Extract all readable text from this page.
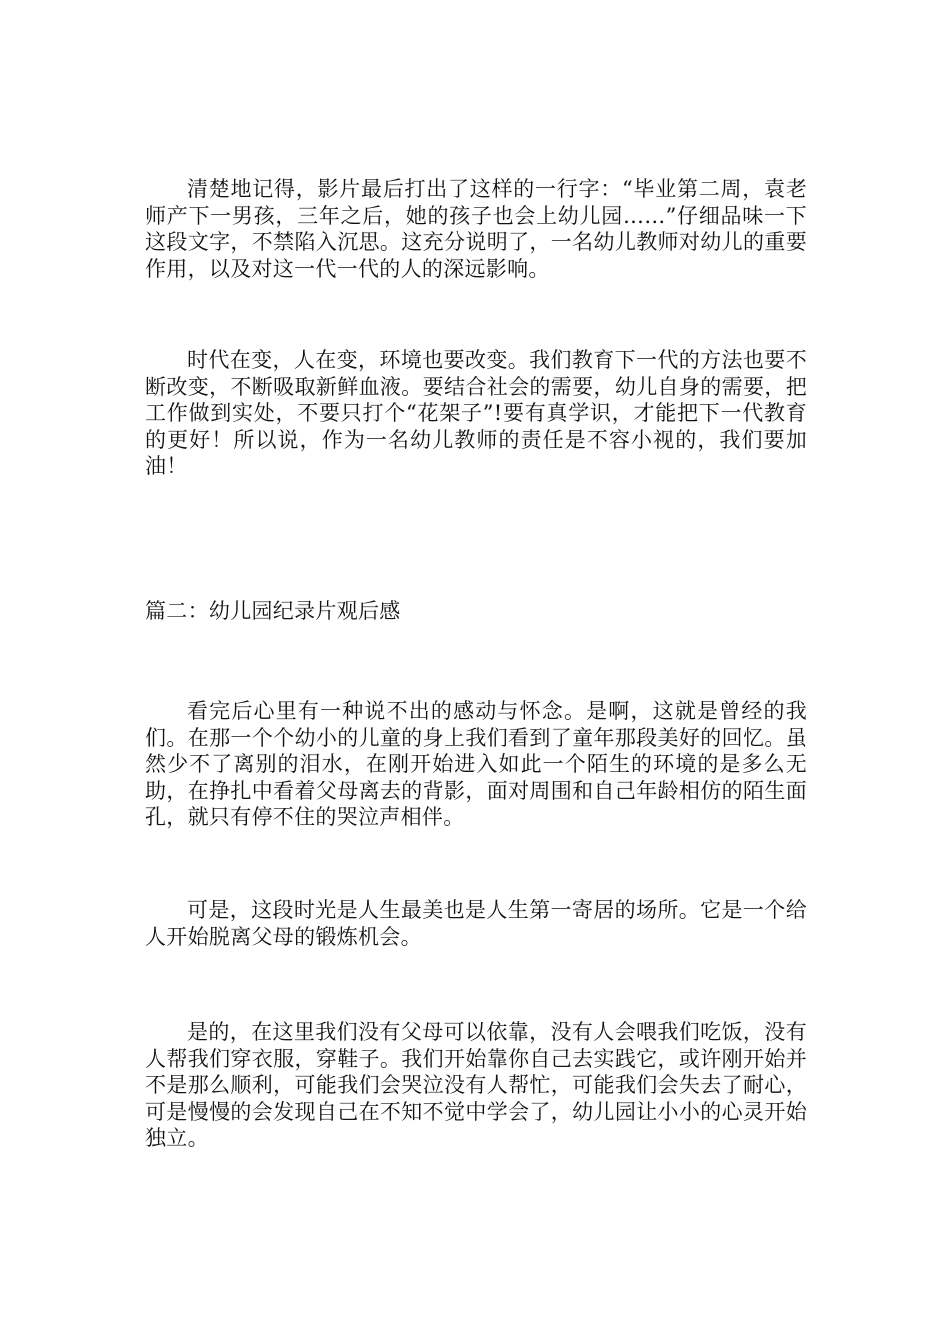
清楚地记得，影片最后打出了这样的一行字：“毕业第二周，袁老师产下一男孩，三年之后，她的孩子也会上幼儿园……”仔细品味一下这段文字，不禁陷入沉思。这充分说明了，一名幼儿教师对幼儿的重要作用，以及对这一代一代的人的深远影响。

时代在变，人在变，环境也要改变。我们教育下一代的方法也要不断改变，不断吸取新鲜血液。要结合社会的需要，幼儿自身的需要，把工作做到实处，不要只打个“花架子”!要有真学识，才能把下一代教育的更好！所以说，作为一名幼儿教师的责任是不容小视的，我们要加油！

篇二：幼儿园纪录片观后感

看完后心里有一种说不出的感动与怀念。是啊，这就是曾经的我们。在那一个个幼小的儿童的身上我们看到了童年那段美好的回忆。虽然少不了离别的泪水，在刚开始进入如此一个陌生的环境的是多么无助，在挣扎中看着父母离去的背影，面对周围和自己年龄相仿的陌生面孔，就只有停不住的哭泣声相伴。

可是，这段时光是人生最美也是人生第一寄居的场所。它是一个给人开始脱离父母的锻炼机会。

是的，在这里我们没有父母可以依靠，没有人会喂我们吃饭，没有人帮我们穿衣服，穿鞋子。我们开始靠你自己去实践它，或许刚开始并不是那么顺利，可能我们会哭泣没有人帮忙，可能我们会失去了耐心，可是慢慢的会发现自己在不知不觉中学会了，幼儿园让小小的心灵开始独立。
